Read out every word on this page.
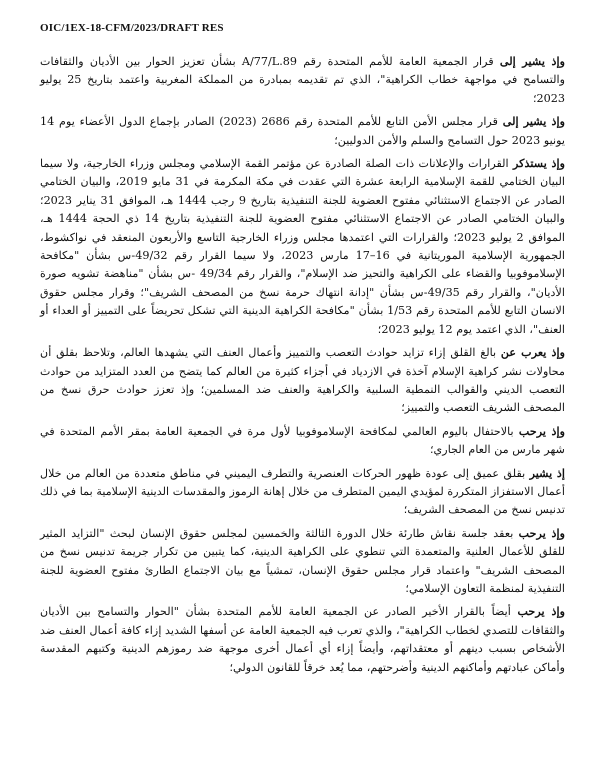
OIC/1EX-18-CFM/2023/DRAFT RES

وإذ يشير إلى قرار الجمعية العامة للأمم المتحدة رقم A/77/L.89 بشأن تعزيز الحوار بين الأديان والثقافات والتسامح في مواجهة خطاب الكراهية"، الذي تم تقديمه بمبادرة من المملكة المغربية واعتمد بتاريخ 25 يوليو 2023؛

وإذ يشير إلى قرار مجلس الأمن التابع للأمم المتحدة رقم 2686 (2023) الصادر بإجماع الدول الأعضاء يوم 14 يونيو 2023 حول التسامح والسلم والأمن الدوليين؛

وإذ يستذكر القرارات والإعلانات ذات الصلة الصادرة عن مؤتمر القمة الإسلامي ومجلس وزراء الخارجية، ولا سيما البيان الختامي للقمة الإسلامية الرابعة عشرة التي عقدت في مكة المكرمة في 31 مايو 2019، والبيان الختامي الصادر عن الاجتماع الاستثنائي مفتوح العضوية للجنة التنفيذية بتاريخ 9 رجب 1444 هـ، الموافق 31 يناير 2023؛ والبيان الختامي الصادر عن الاجتماع الاستثنائي مفتوح العضوية للجنة التنفيذية بتاريخ 14 ذي الحجة 1444 هـ، الموافق 2 يوليو 2023؛ والقرارات التي اعتمدها مجلس وزراء الخارجية التاسع والأربعون المنعقد في نواكشوط، الجمهورية الإسلامية الموريتانية في 16–17 مارس 2023، ولا سيما القرار رقم 49/32-س بشأن "مكافحة الإسلاموفوبيا والقضاء على الكراهية والتحيز ضد الإسلام"، والقرار رقم 49/34 -س بشأن "مناهضة تشويه صورة الأديان"، والقرار رقم 49/35-س بشأن "إدانة انتهاك حرمة نسخ من المصحف الشريف"؛ وقرار مجلس حقوق الانسان التابع للأمم المتحدة رقم 1/53 بشأن "مكافحة الكراهية الدينية التي تشكل تحريضاً على التمييز أو العداء أو العنف"، الذي اعتمد يوم 12 يوليو 2023؛

وإذ يعرب عن بالغ القلق إزاء تزايد حوادث التعصب والتمييز وأعمال العنف التي يشهدها العالم، وتلاحظ بقلق أن محاولات نشر كراهية الإسلام آخذة في الازدياد في أجزاء كثيرة من العالم كما يتضح من العدد المتزايد من حوادث التعصب الديني والقوالب النمطية السلبية والكراهية والعنف ضد المسلمين؛ وإذ تعزز حوادث حرق نسخ من المصحف الشريف التعصب والتمييز؛

وإذ يرحب بالاحتفال باليوم العالمي لمكافحة الإسلاموفوبيا لأول مرة في الجمعية العامة بمقر الأمم المتحدة في شهر مارس من العام الجاري؛

إذ يشير بقلق عميق إلى عودة ظهور الحركات العنصرية والتطرف اليميني في مناطق متعددة من العالم من خلال أعمال الاستفزاز المتكررة لمؤيدي اليمين المتطرف من خلال إهانة الرموز والمقدسات الدينية الإسلامية بما في ذلك تدنيس نسخ من المصحف الشريف؛

وإذ يرحب بعقد جلسة نقاش طارئة خلال الدورة الثالثة والخمسين لمجلس حقوق الإنسان لبحث "التزايد المثير للقلق للأعمال العلنية والمتعمدة التي تنطوي على الكراهية الدينية، كما يتبين من تكرار جريمة تدنيس نسخ من المصحف الشريف" واعتماد قرار مجلس حقوق الإنسان، تمشياً مع بيان الاجتماع الطارئ مفتوح العضوية للجنة التنفيذية لمنظمة التعاون الإسلامي؛

وإذ يرحب أيضاً بالقرار الأخير الصادر عن الجمعية العامة للأمم المتحدة بشأن "الحوار والتسامح بين الأديان والثقافات للتصدي لخطاب الكراهية"، والذي تعرب فيه الجمعية العامة عن أسفها الشديد إزاء كافة أعمال العنف ضد الأشخاص بسبب دينهم أو معتقداتهم، وأيضاً إزاء أي أعمال أخرى موجهة ضد رموزهم الدينية وكتبهم المقدسة وأماكن عبادتهم وأماكنهم الدينية وأضرحتهم، مما يُعد خرقاً للقانون الدولي؛
